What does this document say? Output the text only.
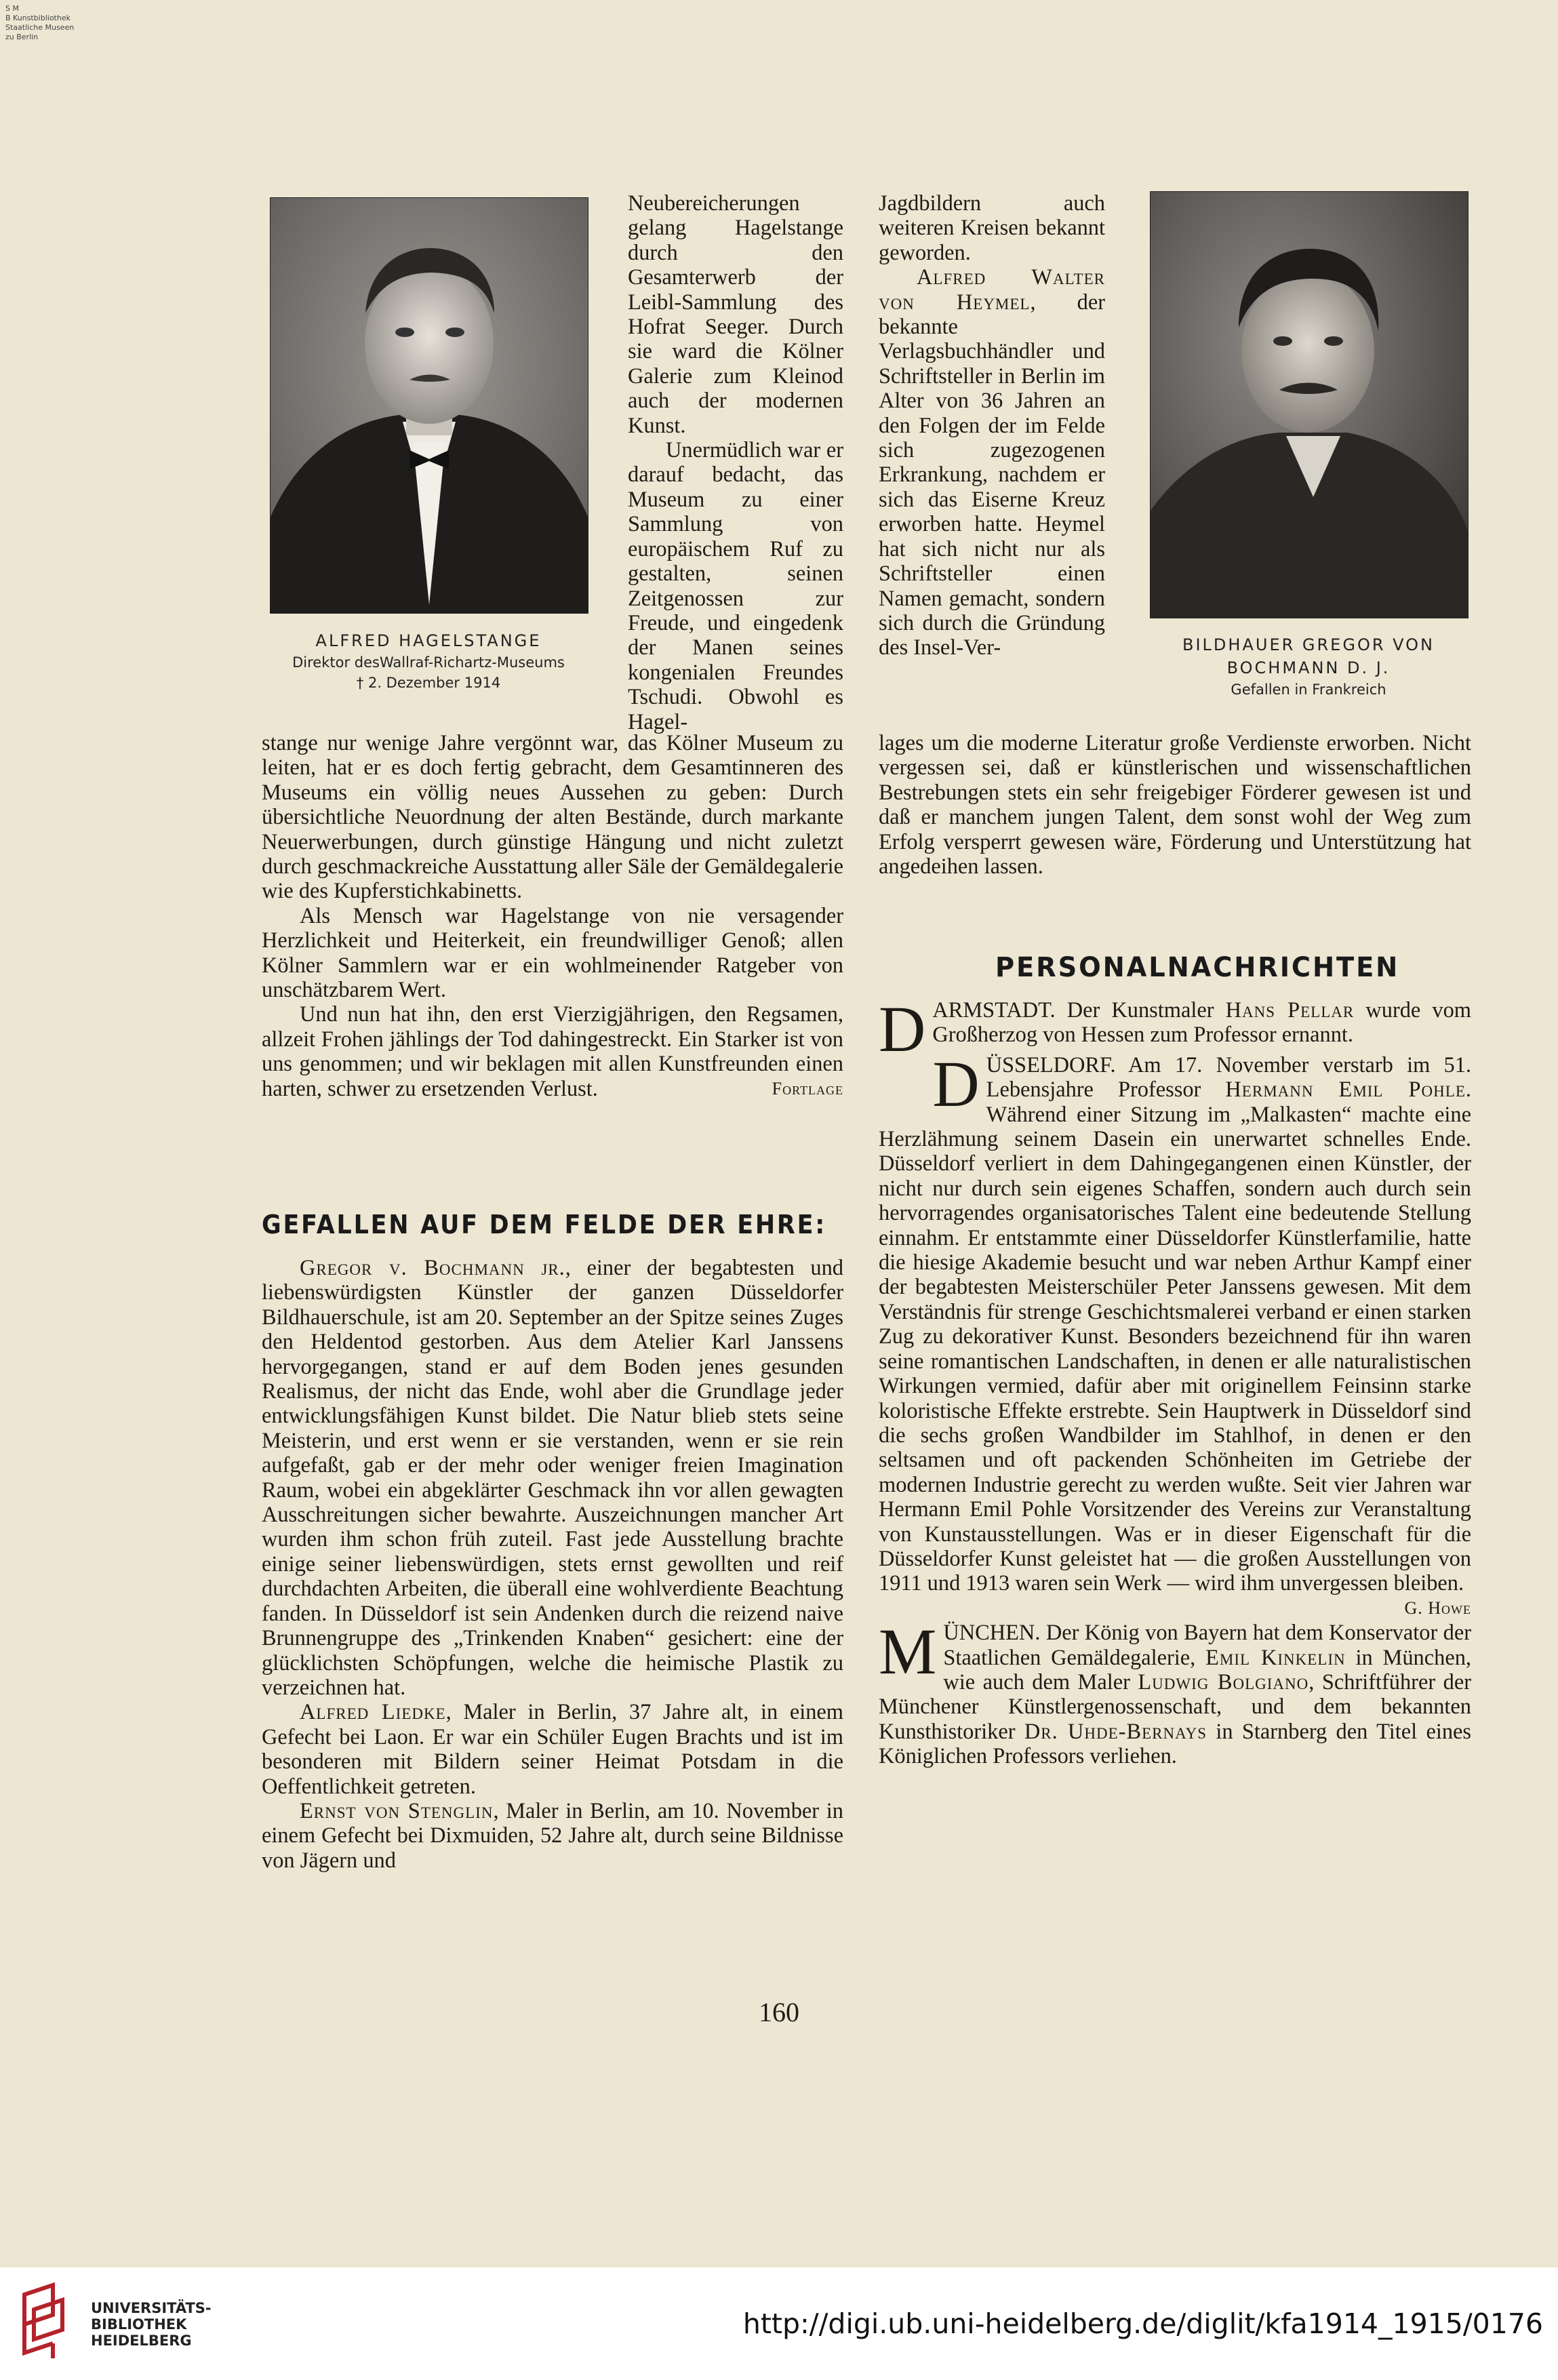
S M
B Kunstbibliothek
Staatliche Museen
zu Berlin
ALFRED HAGELSTANGE
Direktor desWallraf-Richartz-Museums
† 2. Dezember 1914

Neubereicherungen gelang Hagelstange durch den Gesamterwerb der Leibl-Sammlung des Hofrat Seeger. Durch sie ward die Kölner Galerie zum Kleinod auch der modernen Kunst.

Unermüdlich war er darauf bedacht, das Museum zu einer Sammlung von europäischem Ruf zu gestalten, seinen Zeitgenossen zur Freude, und eingedenk der Manen seines kongenialen Freundes Tschudi. Obwohl es Hagel-

stange nur wenige Jahre vergönnt war, das Kölner Museum zu leiten, hat er es doch fertig gebracht, dem Gesamtinneren des Museums ein völlig neues Aussehen zu geben: Durch übersichtliche Neuordnung der alten Bestände, durch markante Neuerwerbungen, durch günstige Hängung und nicht zuletzt durch geschmackreiche Ausstattung aller Säle der Gemäldegalerie wie des Kupferstichkabinetts.

Als Mensch war Hagelstange von nie versagender Herzlichkeit und Heiterkeit, ein freundwilliger Genoß; allen Kölner Sammlern war er ein wohlmeinender Ratgeber von unschätzbarem Wert.

Und nun hat ihn, den erst Vierzigjährigen, den Regsamen, allzeit Frohen jählings der Tod dahingestreckt. Ein Starker ist von uns genommen; und wir beklagen mit allen Kunstfreunden einen harten, schwer zu ersetzenden Verlust.	Fortlage

GEFALLEN AUF DEM FELDE DER EHRE:

Gregor v. Bochmann jr., einer der begabtesten und liebenswürdigsten Künstler der ganzen Düsseldorfer Bildhauerschule, ist am 20. September an der Spitze seines Zuges den Heldentod gestorben. Aus dem Atelier Karl Janssens hervorgegangen, stand er auf dem Boden jenes gesunden Realismus, der nicht das Ende, wohl aber die Grundlage jeder entwicklungsfähigen Kunst bildet. Die Natur blieb stets seine Meisterin, und erst wenn er sie verstanden, wenn er sie rein aufgefaßt, gab er der mehr oder weniger freien Imagination Raum, wobei ein abgeklärter Geschmack ihn vor allen gewagten Ausschreitungen sicher bewahrte. Auszeichnungen mancher Art wurden ihm schon früh zuteil. Fast jede Ausstellung brachte einige seiner liebenswürdigen, stets ernst gewollten und reif durchdachten Arbeiten, die überall eine wohlverdiente Beachtung fanden. In Düsseldorf ist sein Andenken durch die reizend naive Brunnengruppe des „Trinkenden Knaben“ gesichert: eine der glücklichsten Schöpfungen, welche die heimische Plastik zu verzeichnen hat.

Alfred Liedke, Maler in Berlin, 37 Jahre alt, in einem Gefecht bei Laon. Er war ein Schüler Eugen Brachts und ist im besonderen mit Bildern seiner Heimat Potsdam in die Oeffentlichkeit getreten.

Ernst von Stenglin, Maler in Berlin, am 10. November in einem Gefecht bei Dixmuiden, 52 Jahre alt, durch seine Bildnisse von Jägern und

Jagdbildern auch weiteren Kreisen bekannt geworden.

Alfred Walter von Heymel, der bekannte Verlagsbuchhändler und Schriftsteller in Berlin im Alter von 36 Jahren an den Folgen der im Felde sich zugezogenen Erkrankung, nachdem er sich das Eiserne Kreuz erworben hatte. Heymel hat sich nicht nur als Schriftsteller einen Namen gemacht, sondern sich durch die Gründung des Insel-Ver-	BILDHAUER GREGOR VON
BOCHMANN D. J.
Gefallen in Frankreich

lages um die moderne Literatur große Verdienste erworben. Nicht vergessen sei, daß er künstlerischen und wissenschaftlichen Bestrebungen stets ein sehr freigebiger Förderer gewesen ist und daß er manchem jungen Talent, dem sonst wohl der Weg zum Erfolg versperrt gewesen wäre, Förderung und Unterstützung hat angedeihen lassen.

PERSONALNACHRICHTEN

DARMSTADT. Der Kunstmaler Hans Pellar wurde vom Großherzog von Hessen zum Professor ernannt.

DÜSSELDORF. Am 17. November verstarb im 51. Lebensjahre Professor Hermann Emil Pohle. Während einer Sitzung im „Malkasten“ machte eine Herzlähmung seinem Dasein ein unerwartet schnelles Ende. Düsseldorf verliert in dem Dahingegangenen einen Künstler, der nicht nur durch sein eigenes Schaffen, sondern auch durch sein hervorragendes organisatorisches Talent eine bedeutende Stellung einnahm. Er entstammte einer Düsseldorfer Künstlerfamilie, hatte die hiesige Akademie besucht und war neben Arthur Kampf einer der begabtesten Meisterschüler Peter Janssens gewesen. Mit dem Verständnis für strenge Geschichtsmalerei verband er einen starken Zug zu dekorativer Kunst. Besonders bezeichnend für ihn waren seine romantischen Landschaften, in denen er alle naturalistischen Wirkungen vermied, dafür aber mit originellem Feinsinn starke koloristische Effekte erstrebte. Sein Hauptwerk in Düsseldorf sind die sechs großen Wandbilder im Stahlhof, in denen er den seltsamen und oft packenden Schönheiten im Getriebe der modernen Industrie gerecht zu werden wußte. Seit vier Jahren war Hermann Emil Pohle Vorsitzender des Vereins zur Veranstaltung von Kunstausstellungen. Was er in dieser Eigenschaft für die Düsseldorfer Kunst geleistet hat — die großen Ausstellungen von 1911 und 1913 waren sein Werk — wird ihm unvergessen bleiben.
G. Howe

MÜNCHEN. Der König von Bayern hat dem Konservator der Staatlichen Gemäldegalerie, Emil Kinkelin in München, wie auch dem Maler Ludwig Bolgiano, Schriftführer der Münchener Künstlergenossenschaft, und dem bekannten Kunsthistoriker Dr. Uhde-Bernays in Starnberg den Titel eines Königlichen Professors verliehen.

160
UNIVERSITÄTS-
BIBLIOTHEK
HEIDELBERG
http://digi.ub.uni-heidelberg.de/diglit/kfa1914_1915/0176
